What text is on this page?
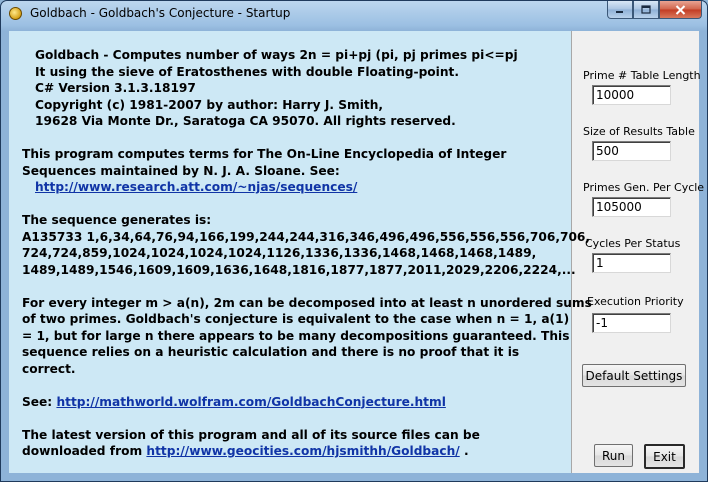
Goldbach - Goldbach's Conjecture - Startup

Goldbach - Computes number of ways 2n = pi+pj (pi, pj primes pi<=pj
It using the sieve of Eratosthenes with double Floating-point.
C# Version 3.1.3.18197
Copyright (c) 1981-2007 by author: Harry J. Smith,
19628 Via Monte Dr., Saratoga CA 95070. All rights reserved.

This program computes terms for The On-Line Encyclopedia of Integer
Sequences maintained by N. J. A. Sloane. See:
http://www.research.att.com/~njas/sequences/

The sequence generates is:
A135733 1,6,34,64,76,94,166,199,244,244,316,346,496,496,556,556,556,706,706,
724,724,859,1024,1024,1024,1024,1126,1336,1336,1468,1468,1468,1489,
1489,1489,1546,1609,1609,1636,1648,1816,1877,1877,2011,2029,2206,2224,...

For every integer m > a(n), 2m can be decomposed into at least n unordered sums
of two primes. Goldbach's conjecture is equivalent to the case when n = 1, a(1)
= 1, but for large n there appears to be many decompositions guaranteed. This
sequence relies on a heuristic calculation and there is no proof that it is
correct.

See: http://mathworld.wolfram.com/GoldbachConjecture.html

The latest version of this program and all of its source files can be
downloaded from http://www.geocities.com/hjsmithh/Goldbach/ .

Prime # Table Length
10000
Size of Results Table
500
Primes Gen. Per Cycle
105000
Cycles Per Status
1
Execution Priority
-1
Default Settings
Run	Exit
